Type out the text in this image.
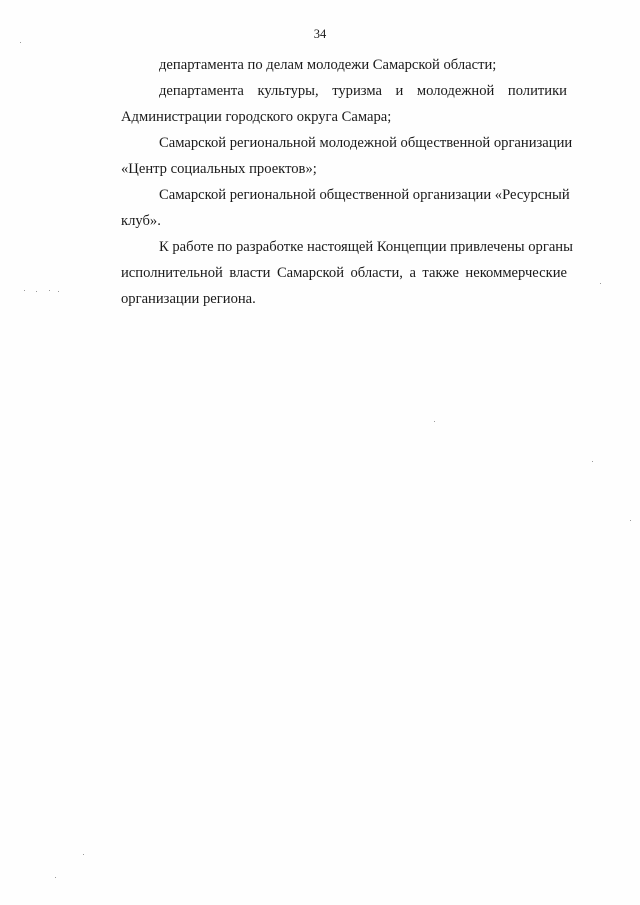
34
департамента по делам молодежи Самарской области;
департамента культуры, туризма и молодежной политики
Администрации городского округа Самара;
Самарской региональной молодежной общественной организации
«Центр социальных проектов»;
Самарской региональной общественной организации «Ресурсный
клуб».
К работе по разработке настоящей Концепции привлечены органы
исполнительной власти Самарской области, а также некоммерческие
организации региона.
